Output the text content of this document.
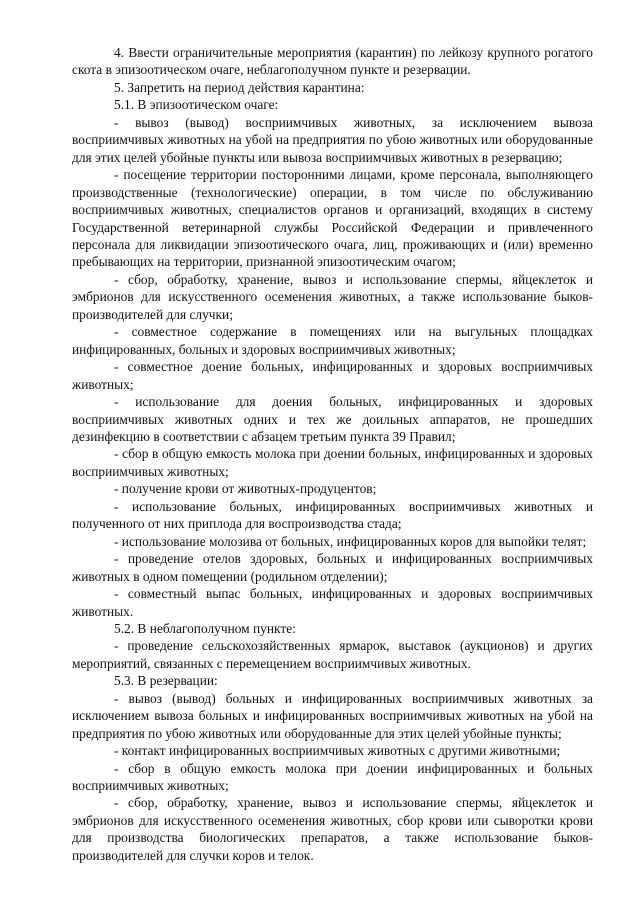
4. Ввести ограничительные мероприятия (карантин) по лейкозу крупного рогатого скота в эпизоотическом очаге, неблагополучном пункте и резервации.

5. Запретить на период действия карантина:

5.1. В эпизоотическом очаге:

- вывоз (вывод) восприимчивых животных, за исключением вывоза восприимчивых животных на убой на предприятия по убою животных или оборудованные для этих целей убойные пункты или вывоза восприимчивых животных в резервацию;

- посещение территории посторонними лицами, кроме персонала, выполняющего производственные (технологические) операции, в том числе по обслуживанию восприимчивых животных, специалистов органов и организаций, входящих в систему Государственной ветеринарной службы Российской Федерации и привлеченного персонала для ликвидации эпизоотического очага, лиц, проживающих и (или) временно пребывающих на территории, признанной эпизоотическим очагом;

- сбор, обработку, хранение, вывоз и использование спермы, яйцеклеток и эмбрионов для искусственного осеменения животных, а также использование быков-производителей для случки;

- совместное содержание в помещениях или на выгульных площадках инфицированных, больных и здоровых восприимчивых животных;

- совместное доение больных, инфицированных и здоровых восприимчивых животных;

- использование для доения больных, инфицированных и здоровых восприимчивых животных одних и тех же доильных аппаратов, не прошедших дезинфекцию в соответствии с абзацем третьим пункта 39 Правил;

- сбор в общую емкость молока при доении больных, инфицированных и здоровых восприимчивых животных;

- получение крови от животных-продуцентов;

- использование больных, инфицированных восприимчивых животных и полученного от них приплода для воспроизводства стада;

- использование молозива от больных, инфицированных коров для выпойки телят;

- проведение отелов здоровых, больных и инфицированных восприимчивых животных в одном помещении (родильном отделении);

- совместный выпас больных, инфицированных и здоровых восприимчивых животных.

5.2. В неблагополучном пункте:

- проведение сельскохозяйственных ярмарок, выставок (аукционов) и других мероприятий, связанных с перемещением восприимчивых животных.

5.3. В резервации:

- вывоз (вывод) больных и инфицированных восприимчивых животных за исключением вывоза больных и инфицированных восприимчивых животных на убой на предприятия по убою животных или оборудованные для этих целей убойные пункты;

- контакт инфицированных восприимчивых животных с другими животными;

- сбор в общую емкость молока при доении инфицированных и больных восприимчивых животных;

- сбор, обработку, хранение, вывоз и использование спермы, яйцеклеток и эмбрионов для искусственного осеменения животных, сбор крови или сыворотки крови для производства биологических препаратов, а также использование быков-производителей для случки коров и телок.
